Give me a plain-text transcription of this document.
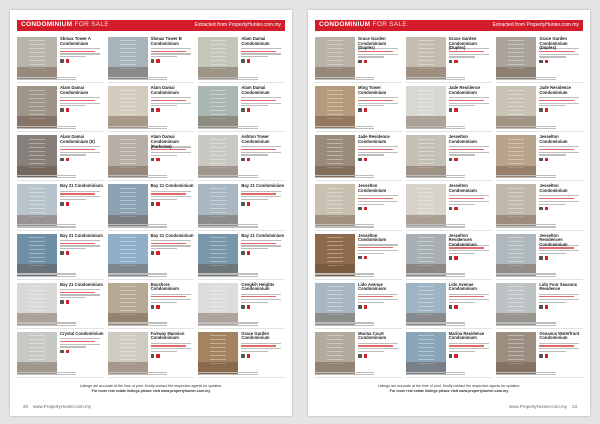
CONDOMINIUM FOR SALE	Extracted from PropertyHunter.com.my
Sbmax Tower A Condominium
Sbmax Tower B Condominium
Alam Damai Condominium
Alam Damai Condominium
Alam Damai Condominium
Alam Damai Condominium
Alam Damai Condominium (E)
Alam Damai Condominium (Parkview)
Ashton Tower Condominium
Bay 21 Condominium	Bay 21 Condominium	Bay 21 Condominium
Bay 21 Condominium	Bay 21 Condominium	Bay 21 Condominium
Bay 21 Condominium	Bayshore Condominium
Cengkih Heights Condominium
Crystal Condominium	Fairway Mansion Condominium
Grace Garden Condominium
Listings are accurate at the time of print. Kindly contact the respective agents for updates.
For more real estate listings please visit www.propertyhunter.com.my
20 www.PropertyHunter.com.my
CONDOMINIUM FOR SALE	Extracted from PropertyHunter.com.my
Grace Garden Condominium (Duplex)
Grace Garden Condominium (Duplex)
Grace Garden Condominium (Duplex)
Ming Tower Condominium
Jade Residence Condominium
Jade Residence Condominium
Jade Residence Condominium
Jesselton Condominium
Jesselton Condominium
Jesselton Condominium
Jesselton Condominium
Jesselton Condominium
Jesselton Condominium
Jesselton Residences Condominium
Jesselton Residences Condominium
Lido Avenue Condominium
Lido Avenue Condominium
Lido Four Seasons Residence
Marina Court Condominium
Marina Residence Condominium
Oceanus Waterfront Condominium
Listings are accurate at the time of print. Kindly contact the respective agents for updates.
For more real estate listings please visit www.propertyhunter.com.my
www.PropertyHunter.com.my 23
